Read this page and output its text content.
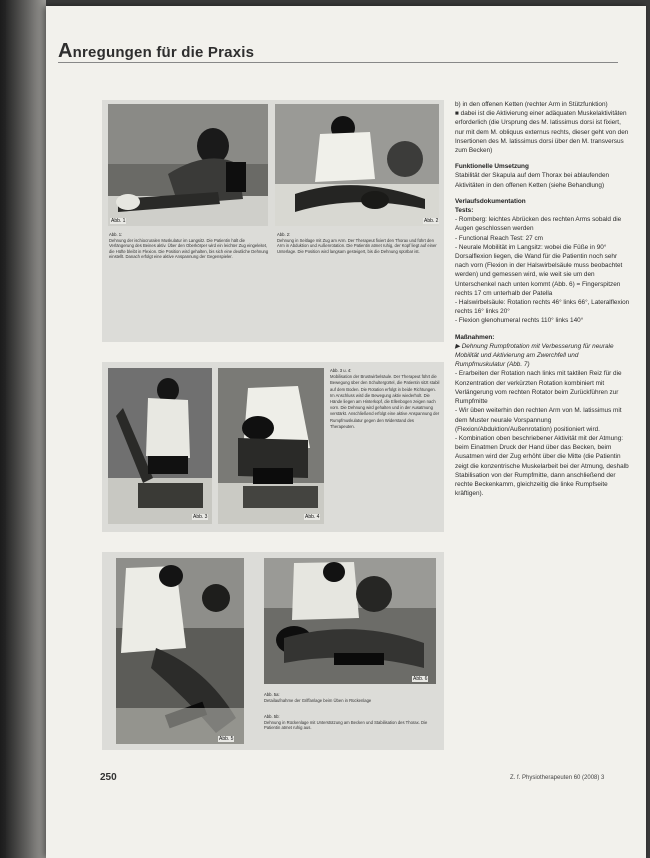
Anregungen für die Praxis
Abb. 1	Abb. 2
Abb. 1:
Dehnung der ischiocruralen Muskulatur im Langsitz. Die Patientin hält die Verlängerung des Beines aktiv. Über den Oberkörper wird ein leichter Zug eingeleitet, die Hüfte bleibt in Flexion. Die Position wird gehalten, bis sich eine deutliche Dehnung einstellt. Danach erfolgt eine aktive Anspannung der Gegenspieler.
Abb. 2:
Dehnung in Seitlage mit Zug am Arm. Der Therapeut fixiert den Thorax und führt den Arm in Abduktion und Außenrotation. Die Patientin atmet ruhig, der Kopf liegt auf einer Unterlage. Die Position wird langsam gesteigert, bis die Dehnung spürbar ist.
Abb. 3	Abb. 4
Abb. 3 u. 4:
Mobilisation der Brustwirbelsäule. Der Therapeut führt die Bewegung über den Schultergürtel, die Patientin sitzt stabil auf dem Boden. Die Rotation erfolgt in beide Richtungen. Im Anschluss wird die Bewegung aktiv wiederholt. Die Hände liegen am Hinterkopf, die Ellenbogen zeigen nach vorn. Die Dehnung wird gehalten und in der Ausatmung verstärkt. Anschließend erfolgt eine aktive Anspannung der Rumpfmuskulatur gegen den Widerstand des Therapeuten.
Abb. 5
Abb. 6
Abb. 5a:
Detailaufnahme der Griffanlage beim Üben in Rückenlage
Abb. 5b:
Dehnung in Rückenlage mit Unterstützung am Becken und Stabilisation des Thorax. Die Patientin atmet ruhig aus.

b) in den offenen Ketten (rechter Arm in Stützfunktion)

■ dabei ist die Aktivierung einer adäquaten Muskelaktivitäten erforderlich (die Ursprung des M. latissimus dorsi ist fixiert, nur mit dem M. obliquus externus rechts, dieser geht von den Insertionen des M. latissimus dorsi über den M. transversus zum Becken)

Funktionelle Umsetzung

Stabilität der Skapula auf dem Thorax bei ablaufenden Aktivitäten in den offenen Ketten (siehe Behandlung)

Verlaufsdokumentation

Tests:

- Romberg: leichtes Abrücken des rechten Arms sobald die Augen geschlossen werden

- Functional Reach Test: 27 cm

- Neurale Mobilität im Langsitz: wobei die Füße in 90° Dorsalflexion liegen, die Wand für die Patientin noch sehr nach vorn (Flexion in der Halswirbelsäule muss beobachtet werden) und gemessen wird, wie weit sie um den Unterschenkel nach unten kommt (Abb. 6) = Fingerspitzen rechts 17 cm unterhalb der Patella

- Halswirbelsäule: Rotation rechts 46° links 66°, Lateralflexion rechts 16° links 20°

- Flexion glenohumeral rechts 110° links 140°

Maßnahmen:

▶ Dehnung Rumpfrotation mit Verbesserung für neurale Mobilität und Aktivierung am Zwerchfell und Rumpfmuskulatur (Abb. 7)

- Erarbeiten der Rotation nach links mit taktilen Reiz für die Konzentration der verkürzten Rotation kombiniert mit Verlängerung vom rechten Rotator beim Zurückführen zur Rumpfmitte

- Wir üben weiterhin den rechten Arm von M. latissimus mit dem Muster neurale Vorspannung (Flexion/Abduktion/Außenrotation) positioniert wird.

- Kombination oben beschriebener Aktivität mit der Atmung: beim Einatmen Druck der Hand über das Becken, beim Ausatmen wird der Zug erhöht über die Mitte (die Patientin zeigt die konzentrische Muskelarbeit bei der Atmung, deshalb Stabilisation von der Rumpfmitte, dann anschließend der rechte Beckenkamm, gleichzeitig die linke Rumpfseite kräftigen).

250	Z. f. Physiotherapeuten 60 (2008) 3
